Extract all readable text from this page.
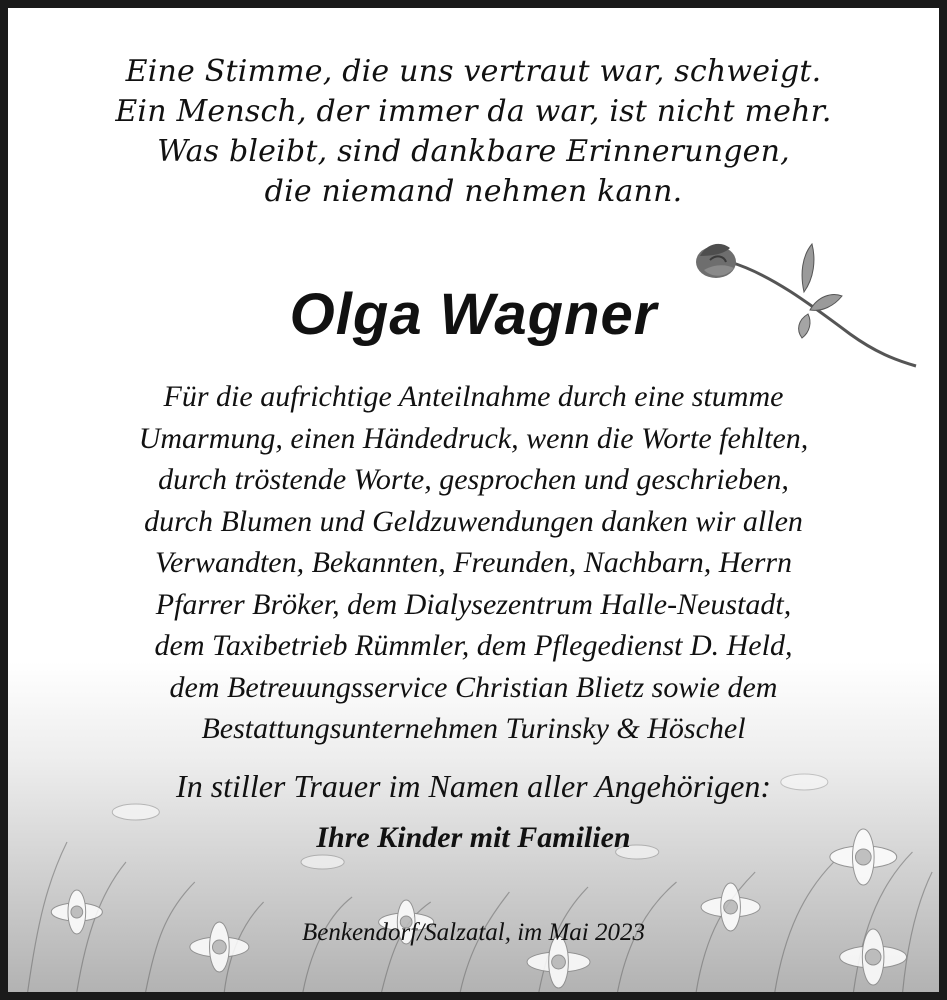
Eine Stimme, die uns vertraut war, schweigt.
Ein Mensch, der immer da war, ist nicht mehr.
Was bleibt, sind dankbare Erinnerungen,
die niemand nehmen kann.
Olga Wagner
Für die aufrichtige Anteilnahme durch eine stumme
Umarmung, einen Händedruck, wenn die Worte fehlten,
durch tröstende Worte, gesprochen und geschrieben,
durch Blumen und Geldzuwendungen danken wir allen
Verwandten, Bekannten, Freunden, Nachbarn, Herrn
Pfarrer Bröker, dem Dialysezentrum Halle-Neustadt,
dem Taxibetrieb Rümmler, dem Pflegedienst D. Held,
dem Betreuungsservice Christian Blietz sowie dem
Bestattungsunternehmen Turinsky & Höschel
In stiller Trauer im Namen aller Angehörigen:
Ihre Kinder mit Familien
Benkendorf/Salzatal, im Mai 2023
